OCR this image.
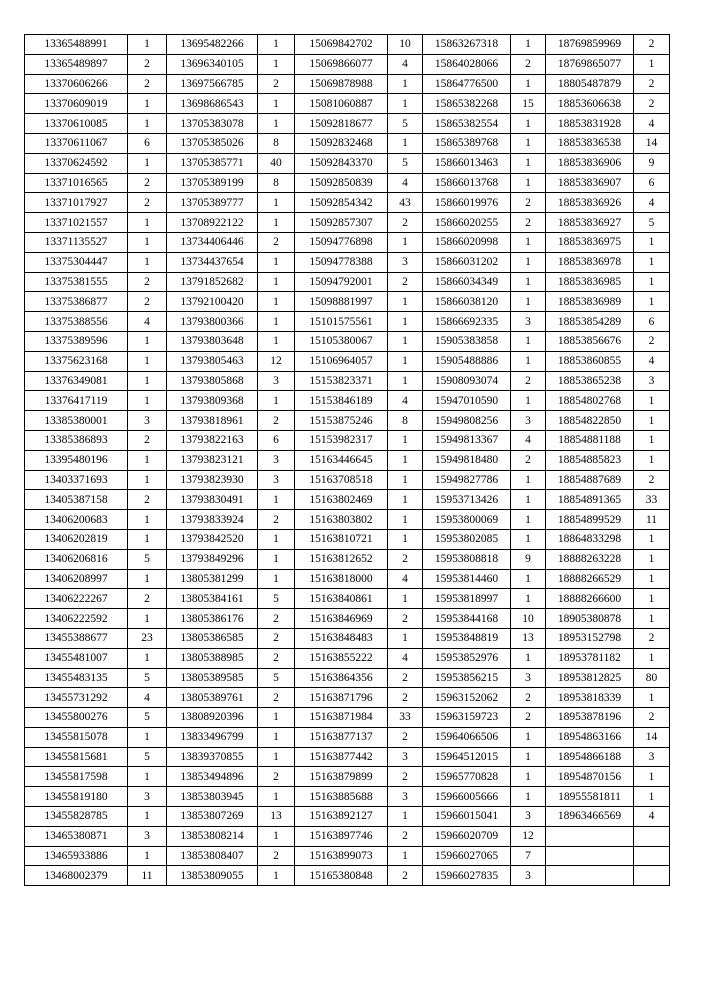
13365488991	1	13695482266	1	15069842702	10	15863267318	1	18769859969	2
13365489897	2	13696340105	1	15069866077	4	15864028066	2	18769865077	1
13370606266	2	13697566785	2	15069878988	1	15864776500	1	18805487879	2
13370609019	1	13698686543	1	15081060887	1	15865382268	15	18853606638	2
13370610085	1	13705383078	1	15092818677	5	15865382554	1	18853831928	4
13370611067	6	13705385026	8	15092832468	1	15865389768	1	18853836538	14
13370624592	1	13705385771	40	15092843370	5	15866013463	1	18853836906	9
13371016565	2	13705389199	8	15092850839	4	15866013768	1	18853836907	6
13371017927	2	13705389777	1	15092854342	43	15866019976	2	18853836926	4
13371021557	1	13708922122	1	15092857307	2	15866020255	2	18853836927	5
13371135527	1	13734406446	2	15094776898	1	15866020998	1	18853836975	1
13375304447	1	13734437654	1	15094778388	3	15866031202	1	18853836978	1
13375381555	2	13791852682	1	15094792001	2	15866034349	1	18853836985	1
13375386877	2	13792100420	1	15098881997	1	15866038120	1	18853836989	1
13375388556	4	13793800366	1	15101575561	1	15866692335	3	18853854289	6
13375389596	1	13793803648	1	15105380067	1	15905383858	1	18853856676	2
13375623168	1	13793805463	12	15106964057	1	15905488886	1	18853860855	4
13376349081	1	13793805868	3	15153823371	1	15908093074	2	18853865238	3
13376417119	1	13793809368	1	15153846189	4	15947010590	1	18854802768	1
13385380001	3	13793818961	2	15153875246	8	15949808256	3	18854822850	1
13385386893	2	13793822163	6	15153982317	1	15949813367	4	18854881188	1
13395480196	1	13793823121	3	15163446645	1	15949818480	2	18854885823	1
13403371693	1	13793823930	3	15163708518	1	15949827786	1	18854887689	2
13405387158	2	13793830491	1	15163802469	1	15953713426	1	18854891365	33
13406200683	1	13793833924	2	15163803802	1	15953800069	1	18854899529	11
13406202819	1	13793842520	1	15163810721	1	15953802085	1	18864833298	1
13406206816	5	13793849296	1	15163812652	2	15953808818	9	18888263228	1
13406208997	1	13805381299	1	15163818000	4	15953814460	1	18888266529	1
13406222267	2	13805384161	5	15163840861	1	15953818997	1	18888266600	1
13406222592	1	13805386176	2	15163846969	2	15953844168	10	18905380878	1
13455388677	23	13805386585	2	15163848483	1	15953848819	13	18953152798	2
13455481007	1	13805388985	2	15163855222	4	15953852976	1	18953781182	1
13455483135	5	13805389585	5	15163864356	2	15953856215	3	18953812825	80
13455731292	4	13805389761	2	15163871796	2	15963152062	2	18953818339	1
13455800276	5	13808920396	1	15163871984	33	15963159723	2	18953878196	2
13455815078	1	13833496799	1	15163877137	2	15964066506	1	18954863166	14
13455815681	5	13839370855	1	15163877442	3	15964512015	1	18954866188	3
13455817598	1	13853494896	2	15163879899	2	15965770828	1	18954870156	1
13455819180	3	13853803945	1	15163885688	3	15966005666	1	18955581811	1
13455828785	1	13853807269	13	15163892127	1	15966015041	3	18963466569	4
13465380871	3	13853808214	1	15163897746	2	15966020709	12		
13465933886	1	13853808407	2	15163899073	1	15966027065	7		
13468002379	11	13853809055	1	15165380848	2	15966027835	3		
